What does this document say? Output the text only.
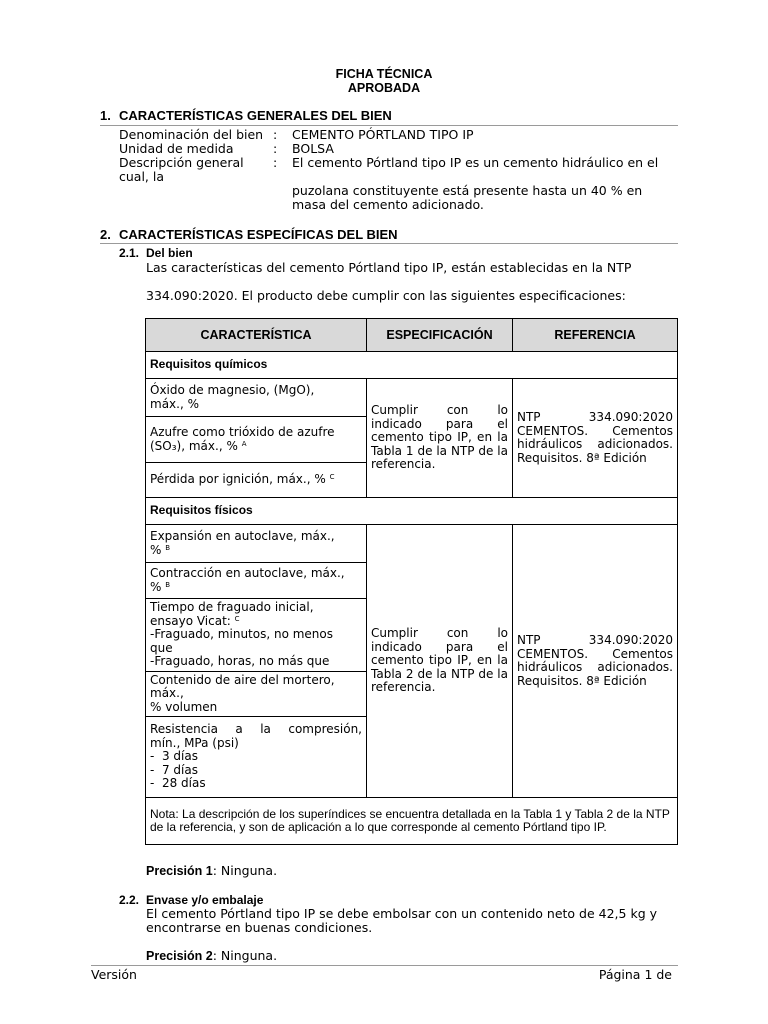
FICHA TÉCNICA
APROBADA
1. CARACTERÍSTICAS GENERALES DEL BIEN
Denominación del bien : CEMENTO PÓRTLAND TIPO IP
Unidad de medida	: BOLSA
Descripción general : El cemento Pórtland tipo IP es un cemento hidráulico en el
cual, la
puzolana constituyente está presente hasta un 40 % en
masa del cemento adicionado.
2. CARACTERÍSTICAS ESPECÍFICAS DEL BIEN
2.1. Del bien
Las características del cemento Pórtland tipo IP, están establecidas en la NTP
334.090:2020. El producto debe cumplir con las siguientes especificaciones:
CARACTERÍSTICA	ESPECIFICACIÓN	REFERENCIA
Requisitos químicos		

Óxido de magnesio, (MgO),
máx., %	Cumplir con lo indicado para el cemento tipo IP, en la Tabla 1 de la NTP de la referencia.	NTP 334.090:2020 CEMENTOS. Cementos hidráulicos adicionados. Requisitos. 8ª Edición

Azufre como trióxido de azufre
(SO₃), máx., % $^A$

Pérdida por ignición, máx., % $^C$

Requisitos físicos		

Expansión en autoclave, máx.,
% $^B$	Cumplir con lo indicado para el cemento tipo IP, en la Tabla 2 de la NTP de la referencia.	NTP 334.090:2020 CEMENTOS. Cementos hidráulicos adicionados. Requisitos. 8ª Edición

Contracción en autoclave, máx.,
% $^B$

Tiempo de fraguado inicial,
ensayo Vicat: $^C$
-Fraguado, minutos, no menos
que
-Fraguado, horas, no más que		

Contenido de aire del mortero,
máx.,
% volumen		

Resistencia a la compresión,
mín., MPa (psi)
-  3 días
-  7 días
-  28 días		

Nota: La descripción de los superíndices se encuentra detallada en la Tabla 1 y Tabla 2 de la NTP de la referencia, y son de aplicación a lo que corresponde al cemento Pórtland tipo IP.		
Precisión 1: Ninguna.
2.2. Envase y/o embalaje
El cemento Pórtland tipo IP se debe embolsar con un contenido neto de 42,5 kg y
encontrarse en buenas condiciones.
Precisión 2: Ninguna.
Versión	Página 1 de
